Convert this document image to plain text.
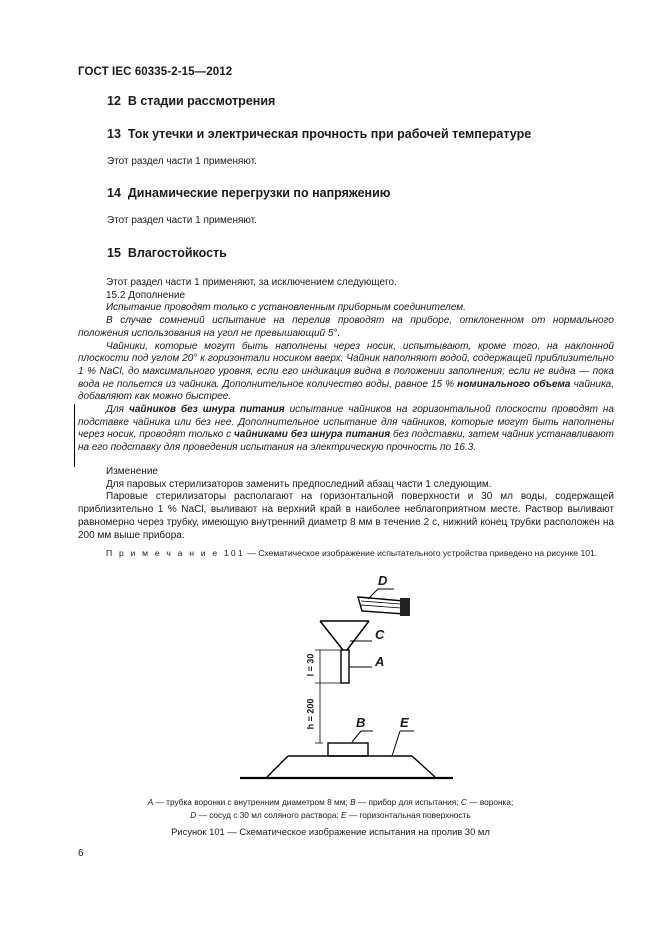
ГОСТ IEC 60335-2-15—2012
12 В стадии рассмотрения
13 Ток утечки и электрическая прочность при рабочей температуре
Этот раздел части 1 применяют.
14 Динамические перегрузки по напряжению
Этот раздел части 1 применяют.
15 Влагостойкость
Этот раздел части 1 применяют, за исключением следующего.
15.2 Дополнение
Испытание проводят только с установленным приборным соединителем.
В случае сомнений испытание на перелив проводят на приборе, отклоненном от нормального положения использования на угол не превышающий 5°.
Чайники, которые могут быть наполнены через носик, испытывают, кроме того, на наклонной плоскости под углом 20° к горизонтали носиком вверх. Чайник наполняют водой, содержащей приблизительно 1 % NaCl, до максимального уровня, если его индикация видна в положении заполнения; если не видна — пока вода не польется из чайника. Дополнительное количество воды, равное 15 % номинального объема чайника, добавляют как можно быстрее.
Для чайников без шнура питания испытание чайников на горизонтальной плоскости проводят на подставке чайника или без нее. Дополнительное испытание для чайников, которые могут быть наполнены через носик, проводят только с чайниками без шнура питания без подставки, затем чайник устанавливают на его подставку для проведения испытания на электрическую прочность по 16.3.
Изменение
Для паровых стерилизаторов заменить предпоследний абзац части 1 следующим.
Паровые стерилизаторы располагают на горизонтальной поверхности и 30 мл воды, содержащей приблизительно 1 % NaCl, выливают на верхний край в наиболее неблагоприятном месте. Раствор выливают равномерно через трубку, имеющую внутренний диаметр 8 мм в течение 2 с, нижний конец трубки расположен на 200 мм выше прибора.
П р и м е ч а н и е 101 — Схематическое изображение испытательного устройства приведено на рисунке 101.
D
C
A
B	E
l = 30
h = 200
A — трубка воронки с внутренним диаметром 8 мм; B — прибор для испытания; C — воронка;
D — сосуд с 30 мл соляного раствора; E — горизонтальная поверхность
Рисунок 101 — Схематическое изображение испытания на пролив 30 мл
6
